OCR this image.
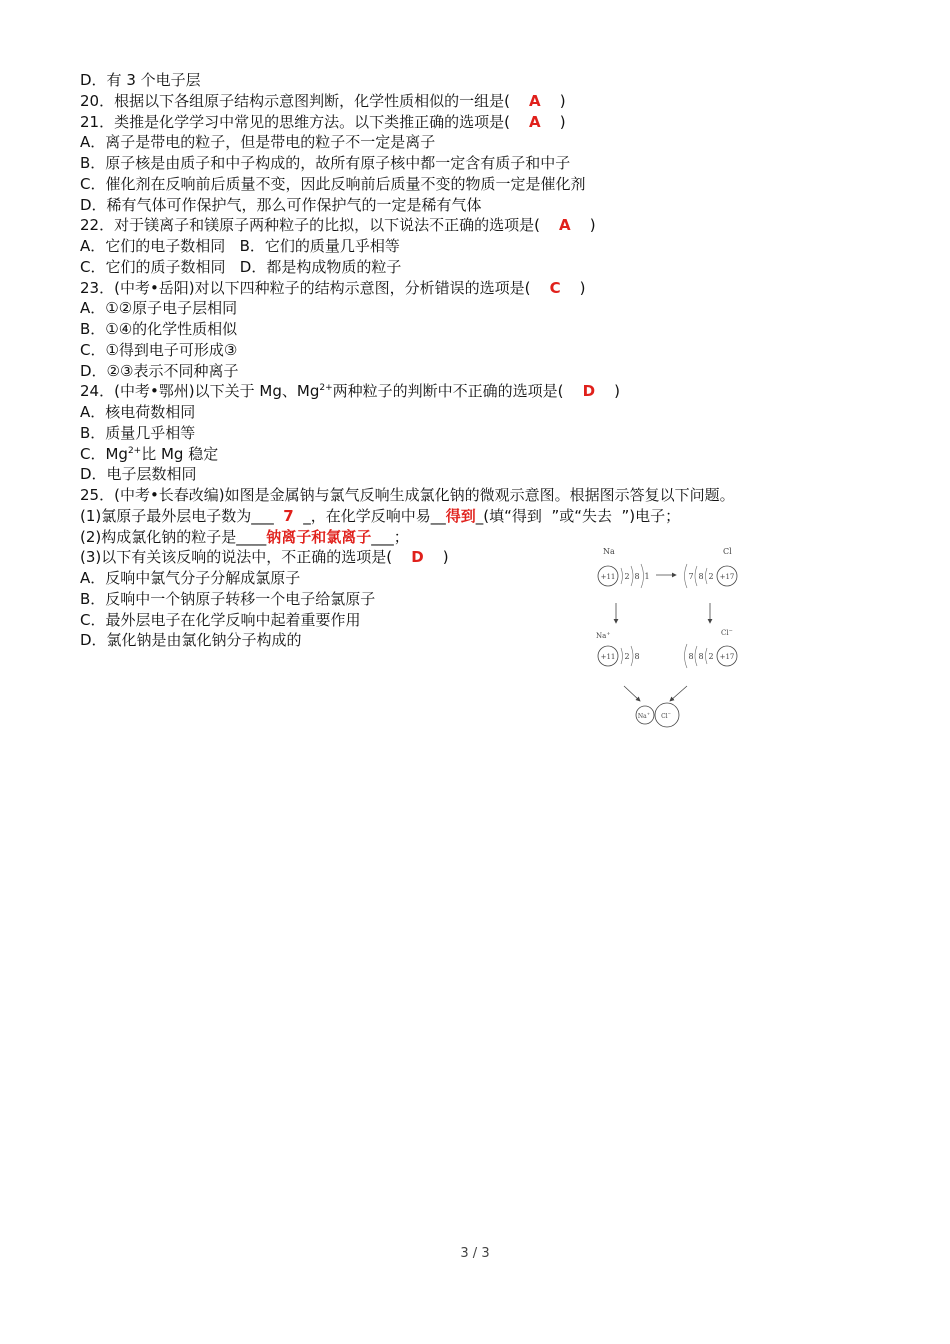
D．有 3 个电子层
20．根据以下各组原子结构示意图判断，化学性质相似的一组是(    A    )
21．类推是化学学习中常见的思维方法。以下类推正确的选项是(    A    )
A．离子是带电的粒子，但是带电的粒子不一定是离子
B．原子核是由质子和中子构成的，故所有原子核中都一定含有质子和中子
C．催化剂在反响前后质量不变，因此反响前后质量不变的物质一定是催化剂
D．稀有气体可作保护气，那么可作保护气的一定是稀有气体
22．对于镁离子和镁原子两种粒子的比拟，以下说法不正确的选项是(    A    )
A．它们的电子数相同   B．它们的质量几乎相等
C．它们的质子数相同   D．都是构成物质的粒子
23．(中考•岳阳)对以下四种粒子的结构示意图，分析错误的选项是(    C    )
A．①②原子电子层相同
B．①④的化学性质相似
C．①得到电子可形成③
D．②③表示不同种离子
24．(中考•鄂州)以下关于 Mg、$Mg^{2+}$两种粒子的判断中不正确的选项是(    D    )
A．核电荷数相同
B．质量几乎相等
C．$Mg^{2+}$比 Mg 稳定
D．电子层数相同
25．(中考•长春改编)如图是金属钠与氯气反响生成氯化钠的微观示意图。根据图示答复以下问题。
(1)氯原子最外层电子数为___  7  _，在化学反响中易__得到_(填“得到  ”或“失去  ”)电子；
(2)构成氯化钠的粒子是____钠离子和氯离子___；
(3)以下有关该反响的说法中，不正确的选项是(    D    )
A．反响中氯气分子分解成氯原子
B．反响中一个钠原子转移一个电子给氯原子
C．最外层电子在化学反响中起着重要作用
D．氯化钠是由氯化钠分子构成的
Na
+11 2 8 1
Cl
7 8 2 +17
Na+
+11 2 8
Cl−
8 8 2 +17
Na+ Cl−
3 / 3
